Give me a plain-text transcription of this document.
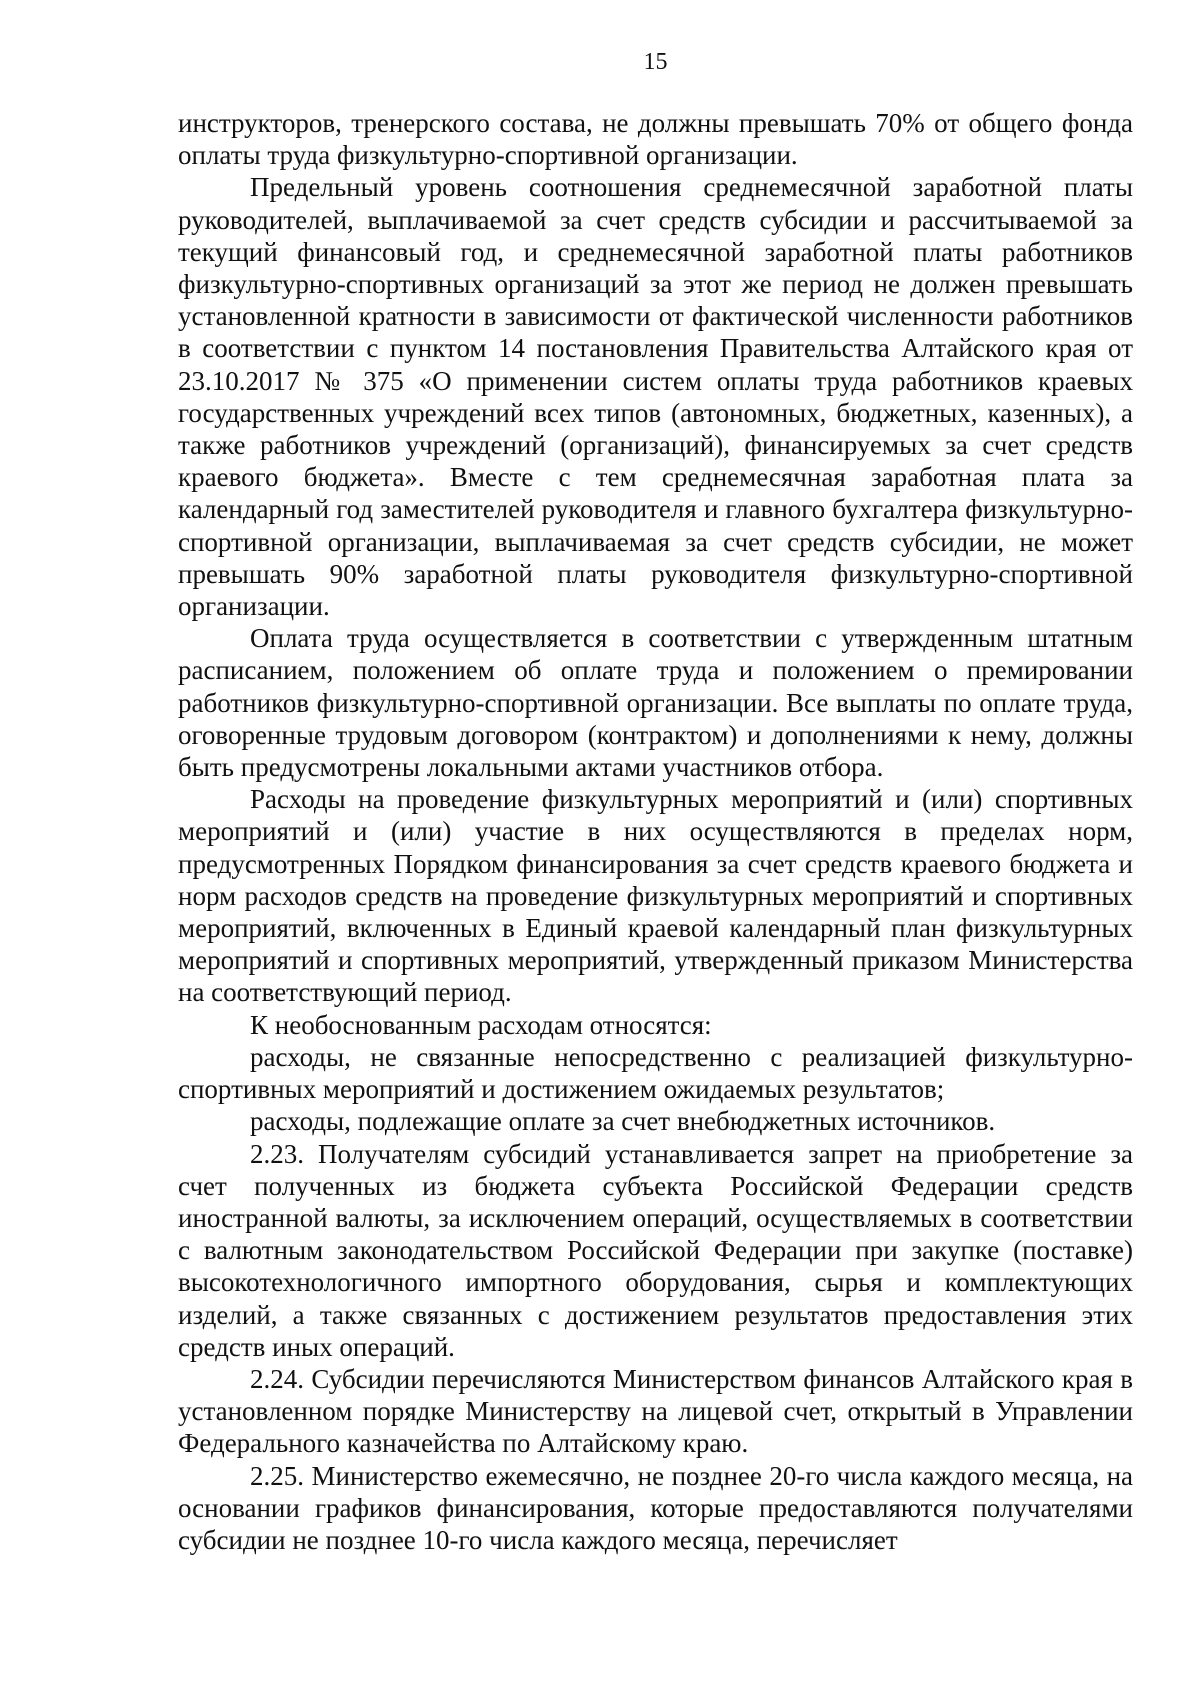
15

инструкторов, тренерского состава, не должны превышать 70% от общего фонда оплаты труда физкультурно-спортивной организации.

Предельный уровень соотношения среднемесячной заработной платы руководителей, выплачиваемой за счет средств субсидии и рассчитываемой за текущий финансовый год, и среднемесячной заработной платы работников физкультурно-спортивных организаций за этот же период не должен превышать установленной кратности в зависимости от фактической численности работников в соответствии с пунктом 14 постановления Правительства Алтайского края от 23.10.2017 № 375 «О применении систем оплаты труда работников краевых государственных учреждений всех типов (автономных, бюджетных, казенных), а также работников учреждений (организаций), финансируемых за счет средств краевого бюджета». Вместе с тем среднемесячная заработная плата за календарный год заместителей руководителя и главного бухгалтера физкультурно-спортивной организации, выплачиваемая за счет средств субсидии, не может превышать 90% заработной платы руководителя физкультурно-спортивной организации.

Оплата труда осуществляется в соответствии с утвержденным штатным расписанием, положением об оплате труда и положением о премировании работников физкультурно-спортивной организации. Все выплаты по оплате труда, оговоренные трудовым договором (контрактом) и дополнениями к нему, должны быть предусмотрены локальными актами участников отбора.

Расходы на проведение физкультурных мероприятий и (или) спортивных мероприятий и (или) участие в них осуществляются в пределах норм, предусмотренных Порядком финансирования за счет средств краевого бюджета и норм расходов средств на проведение физкультурных мероприятий и спортивных мероприятий, включенных в Единый краевой календарный план физкультурных мероприятий и спортивных мероприятий, утвержденный приказом Министерства на соответствующий период.

К необоснованным расходам относятся:

расходы, не связанные непосредственно с реализацией физкультурно-спортивных мероприятий и достижением ожидаемых результатов;

расходы, подлежащие оплате за счет внебюджетных источников.

2.23. Получателям субсидий устанавливается запрет на приобретение за счет полученных из бюджета субъекта Российской Федерации средств иностранной валюты, за исключением операций, осуществляемых в соответствии с валютным законодательством Российской Федерации при закупке (поставке) высокотехнологичного импортного оборудования, сырья и комплектующих изделий, а также связанных с достижением результатов предоставления этих средств иных операций.

2.24. Субсидии перечисляются Министерством финансов Алтайского края в установленном порядке Министерству на лицевой счет, открытый в Управлении Федерального казначейства по Алтайскому краю.

2.25. Министерство ежемесячно, не позднее 20-го числа каждого месяца, на основании графиков финансирования, которые предоставляются получателями субсидии не позднее 10-го числа каждого месяца, перечисляет
